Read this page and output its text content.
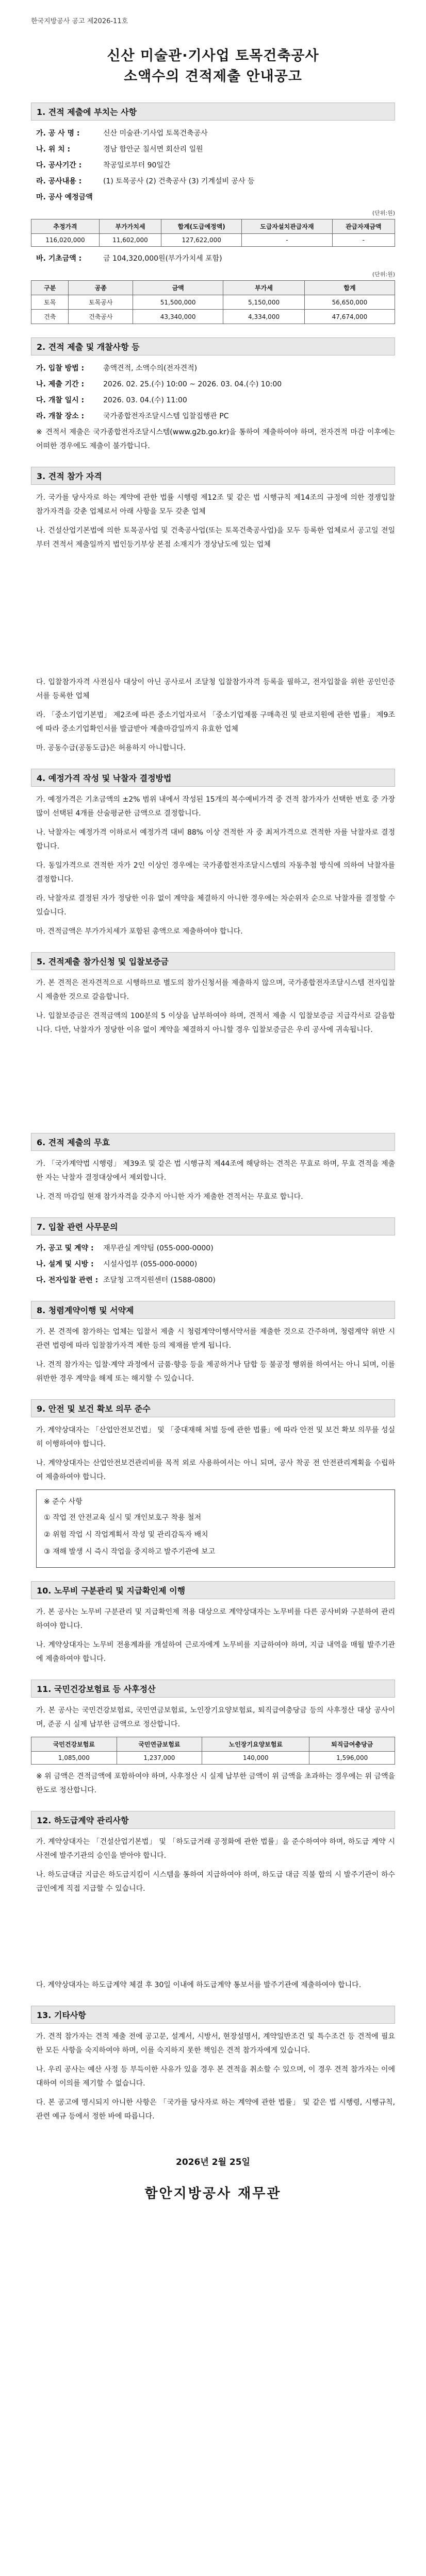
한국지방공사 공고 제2026-11호
신산 미술관·기사업 토목건축공사
소액수의 견적제출 안내공고
1. 견적 제출에 부치는 사항
가. 공 사 명 :	신산 미술관·기사업 토목건축공사
나. 위 치 :	경남 함안군 칠서면 회산리 일원
다. 공사기간 :	착공일로부터 90일간
라. 공사내용 :	(1) 토목공사 (2) 건축공사 (3) 기계설비 공사 등
마. 공사 예정금액
(단위:원)
추정가격	부가가치세	합계(도급예정액)	도급자설치관급자재	관급자재금액
116,020,000	11,602,000	127,622,000	-	-
바. 기초금액 :	금 104,320,000원(부가가치세 포함)
(단위:원)
구분	공종	금액	부가세	합계
토목	토목공사	51,500,000	5,150,000	56,650,000
건축	건축공사	43,340,000	4,334,000	47,674,000
2. 견적 제출 및 개찰사항 등
가. 입찰 방법 :	총액견적, 소액수의(전자견적)
나. 제출 기간 :	2026. 02. 25.(수) 10:00 ~ 2026. 03. 04.(수) 10:00
다. 개찰 일시 :	2026. 03. 04.(수) 11:00
라. 개찰 장소 :	국가종합전자조달시스템 입찰집행관 PC
※ 견적서 제출은 국가종합전자조달시스템(www.g2b.go.kr)을 통하여 제출하여야 하며, 전자견적 마감 이후에는 어떠한 경우에도 제출이 불가합니다.
3. 견적 참가 자격
가. 국가를 당사자로 하는 계약에 관한 법률 시행령 제12조 및 같은 법 시행규칙 제14조의 규정에 의한 경쟁입찰 참가자격을 갖춘 업체로서 아래 사항을 모두 갖춘 업체
나. 건설산업기본법에 의한 토목공사업 및 건축공사업(또는 토목건축공사업)을 모두 등록한 업체로서 공고일 전일부터 견적서 제출일까지 법인등기부상 본점 소재지가 경상남도에 있는 업체
다. 입찰참가자격 사전심사 대상이 아닌 공사로서 조달청 입찰참가자격 등록을 필하고, 전자입찰을 위한 공인인증서를 등록한 업체
라. 「중소기업기본법」 제2조에 따른 중소기업자로서 「중소기업제품 구매촉진 및 판로지원에 관한 법률」 제9조에 따라 중소기업확인서를 발급받아 제출마감일까지 유효한 업체
마. 공동수급(공동도급)은 허용하지 아니합니다.
4. 예정가격 작성 및 낙찰자 결정방법
가. 예정가격은 기초금액의 ±2% 범위 내에서 작성된 15개의 복수예비가격 중 견적 참가자가 선택한 번호 중 가장 많이 선택된 4개를 산술평균한 금액으로 결정합니다.
나. 낙찰자는 예정가격 이하로서 예정가격 대비 88% 이상 견적한 자 중 최저가격으로 견적한 자를 낙찰자로 결정합니다.
다. 동일가격으로 견적한 자가 2인 이상인 경우에는 국가종합전자조달시스템의 자동추첨 방식에 의하여 낙찰자를 결정합니다.
라. 낙찰자로 결정된 자가 정당한 이유 없이 계약을 체결하지 아니한 경우에는 차순위자 순으로 낙찰자를 결정할 수 있습니다.
마. 견적금액은 부가가치세가 포함된 총액으로 제출하여야 합니다.
5. 견적제출 참가신청 및 입찰보증금
가. 본 견적은 전자견적으로 시행하므로 별도의 참가신청서를 제출하지 않으며, 국가종합전자조달시스템 전자입찰 시 제출한 것으로 갈음합니다.
나. 입찰보증금은 견적금액의 100분의 5 이상을 납부하여야 하며, 견적서 제출 시 입찰보증금 지급각서로 갈음합니다. 다만, 낙찰자가 정당한 이유 없이 계약을 체결하지 아니할 경우 입찰보증금은 우리 공사에 귀속됩니다.
6. 견적 제출의 무효
가. 「국가계약법 시행령」 제39조 및 같은 법 시행규칙 제44조에 해당하는 견적은 무효로 하며, 무효 견적을 제출한 자는 낙찰자 결정대상에서 제외합니다.
나. 견적 마감일 현재 참가자격을 갖추지 아니한 자가 제출한 견적서는 무효로 합니다.
7. 입찰 관련 사무문의
가. 공고 및 계약 : 재무관실 계약팀 (055-000-0000)
나. 설계 및 시방 : 시설사업부 (055-000-0000)
다. 전자입찰 관련 : 조달청 고객지원센터 (1588-0800)
8. 청렴계약이행 및 서약제
가. 본 견적에 참가하는 업체는 입찰서 제출 시 청렴계약이행서약서를 제출한 것으로 간주하며, 청렴계약 위반 시 관련 법령에 따라 입찰참가자격 제한 등의 제재를 받게 됩니다.
나. 견적 참가자는 입찰·계약 과정에서 금품·향응 등을 제공하거나 담합 등 불공정 행위를 하여서는 아니 되며, 이를 위반한 경우 계약을 해제 또는 해지할 수 있습니다.
9. 안전 및 보건 확보 의무 준수
가. 계약상대자는 「산업안전보건법」 및 「중대재해 처벌 등에 관한 법률」에 따라 안전 및 보건 확보 의무를 성실히 이행하여야 합니다.
나. 계약상대자는 산업안전보건관리비를 목적 외로 사용하여서는 아니 되며, 공사 착공 전 안전관리계획을 수립하여 제출하여야 합니다.
※ 준수 사항
① 작업 전 안전교육 실시 및 개인보호구 착용 철저
② 위험 작업 시 작업계획서 작성 및 관리감독자 배치
③ 재해 발생 시 즉시 작업을 중지하고 발주기관에 보고
10. 노무비 구분관리 및 지급확인제 이행
가. 본 공사는 노무비 구분관리 및 지급확인제 적용 대상으로 계약상대자는 노무비를 다른 공사비와 구분하여 관리하여야 합니다.
나. 계약상대자는 노무비 전용계좌를 개설하여 근로자에게 노무비를 지급하여야 하며, 지급 내역을 매월 발주기관에 제출하여야 합니다.
11. 국민건강보험료 등 사후정산
가. 본 공사는 국민건강보험료, 국민연금보험료, 노인장기요양보험료, 퇴직급여충당금 등의 사후정산 대상 공사이며, 준공 시 실제 납부한 금액으로 정산합니다.
국민건강보험료	국민연금보험료	노인장기요양보험료	퇴직급여충당금
1,085,000	1,237,000	140,000	1,596,000
※ 위 금액은 견적금액에 포함하여야 하며, 사후정산 시 실제 납부한 금액이 위 금액을 초과하는 경우에는 위 금액을 한도로 정산합니다.
12. 하도급계약 관리사항
가. 계약상대자는 「건설산업기본법」 및 「하도급거래 공정화에 관한 법률」을 준수하여야 하며, 하도급 계약 시 사전에 발주기관의 승인을 받아야 합니다.
나. 하도급대금 지급은 하도급지킴이 시스템을 통하여 지급하여야 하며, 하도급 대금 직불 합의 시 발주기관이 하수급인에게 직접 지급할 수 있습니다.
다. 계약상대자는 하도급계약 체결 후 30일 이내에 하도급계약 통보서를 발주기관에 제출하여야 합니다.
13. 기타사항
가. 견적 참가자는 견적 제출 전에 공고문, 설계서, 시방서, 현장설명서, 계약일반조건 및 특수조건 등 견적에 필요한 모든 사항을 숙지하여야 하며, 이를 숙지하지 못한 책임은 견적 참가자에게 있습니다.
나. 우리 공사는 예산 사정 등 부득이한 사유가 있을 경우 본 견적을 취소할 수 있으며, 이 경우 견적 참가자는 이에 대하여 이의를 제기할 수 없습니다.
다. 본 공고에 명시되지 아니한 사항은 「국가를 당사자로 하는 계약에 관한 법률」 및 같은 법 시행령, 시행규칙, 관련 예규 등에서 정한 바에 따릅니다.
2026년 2월 25일
함안지방공사 재무관
